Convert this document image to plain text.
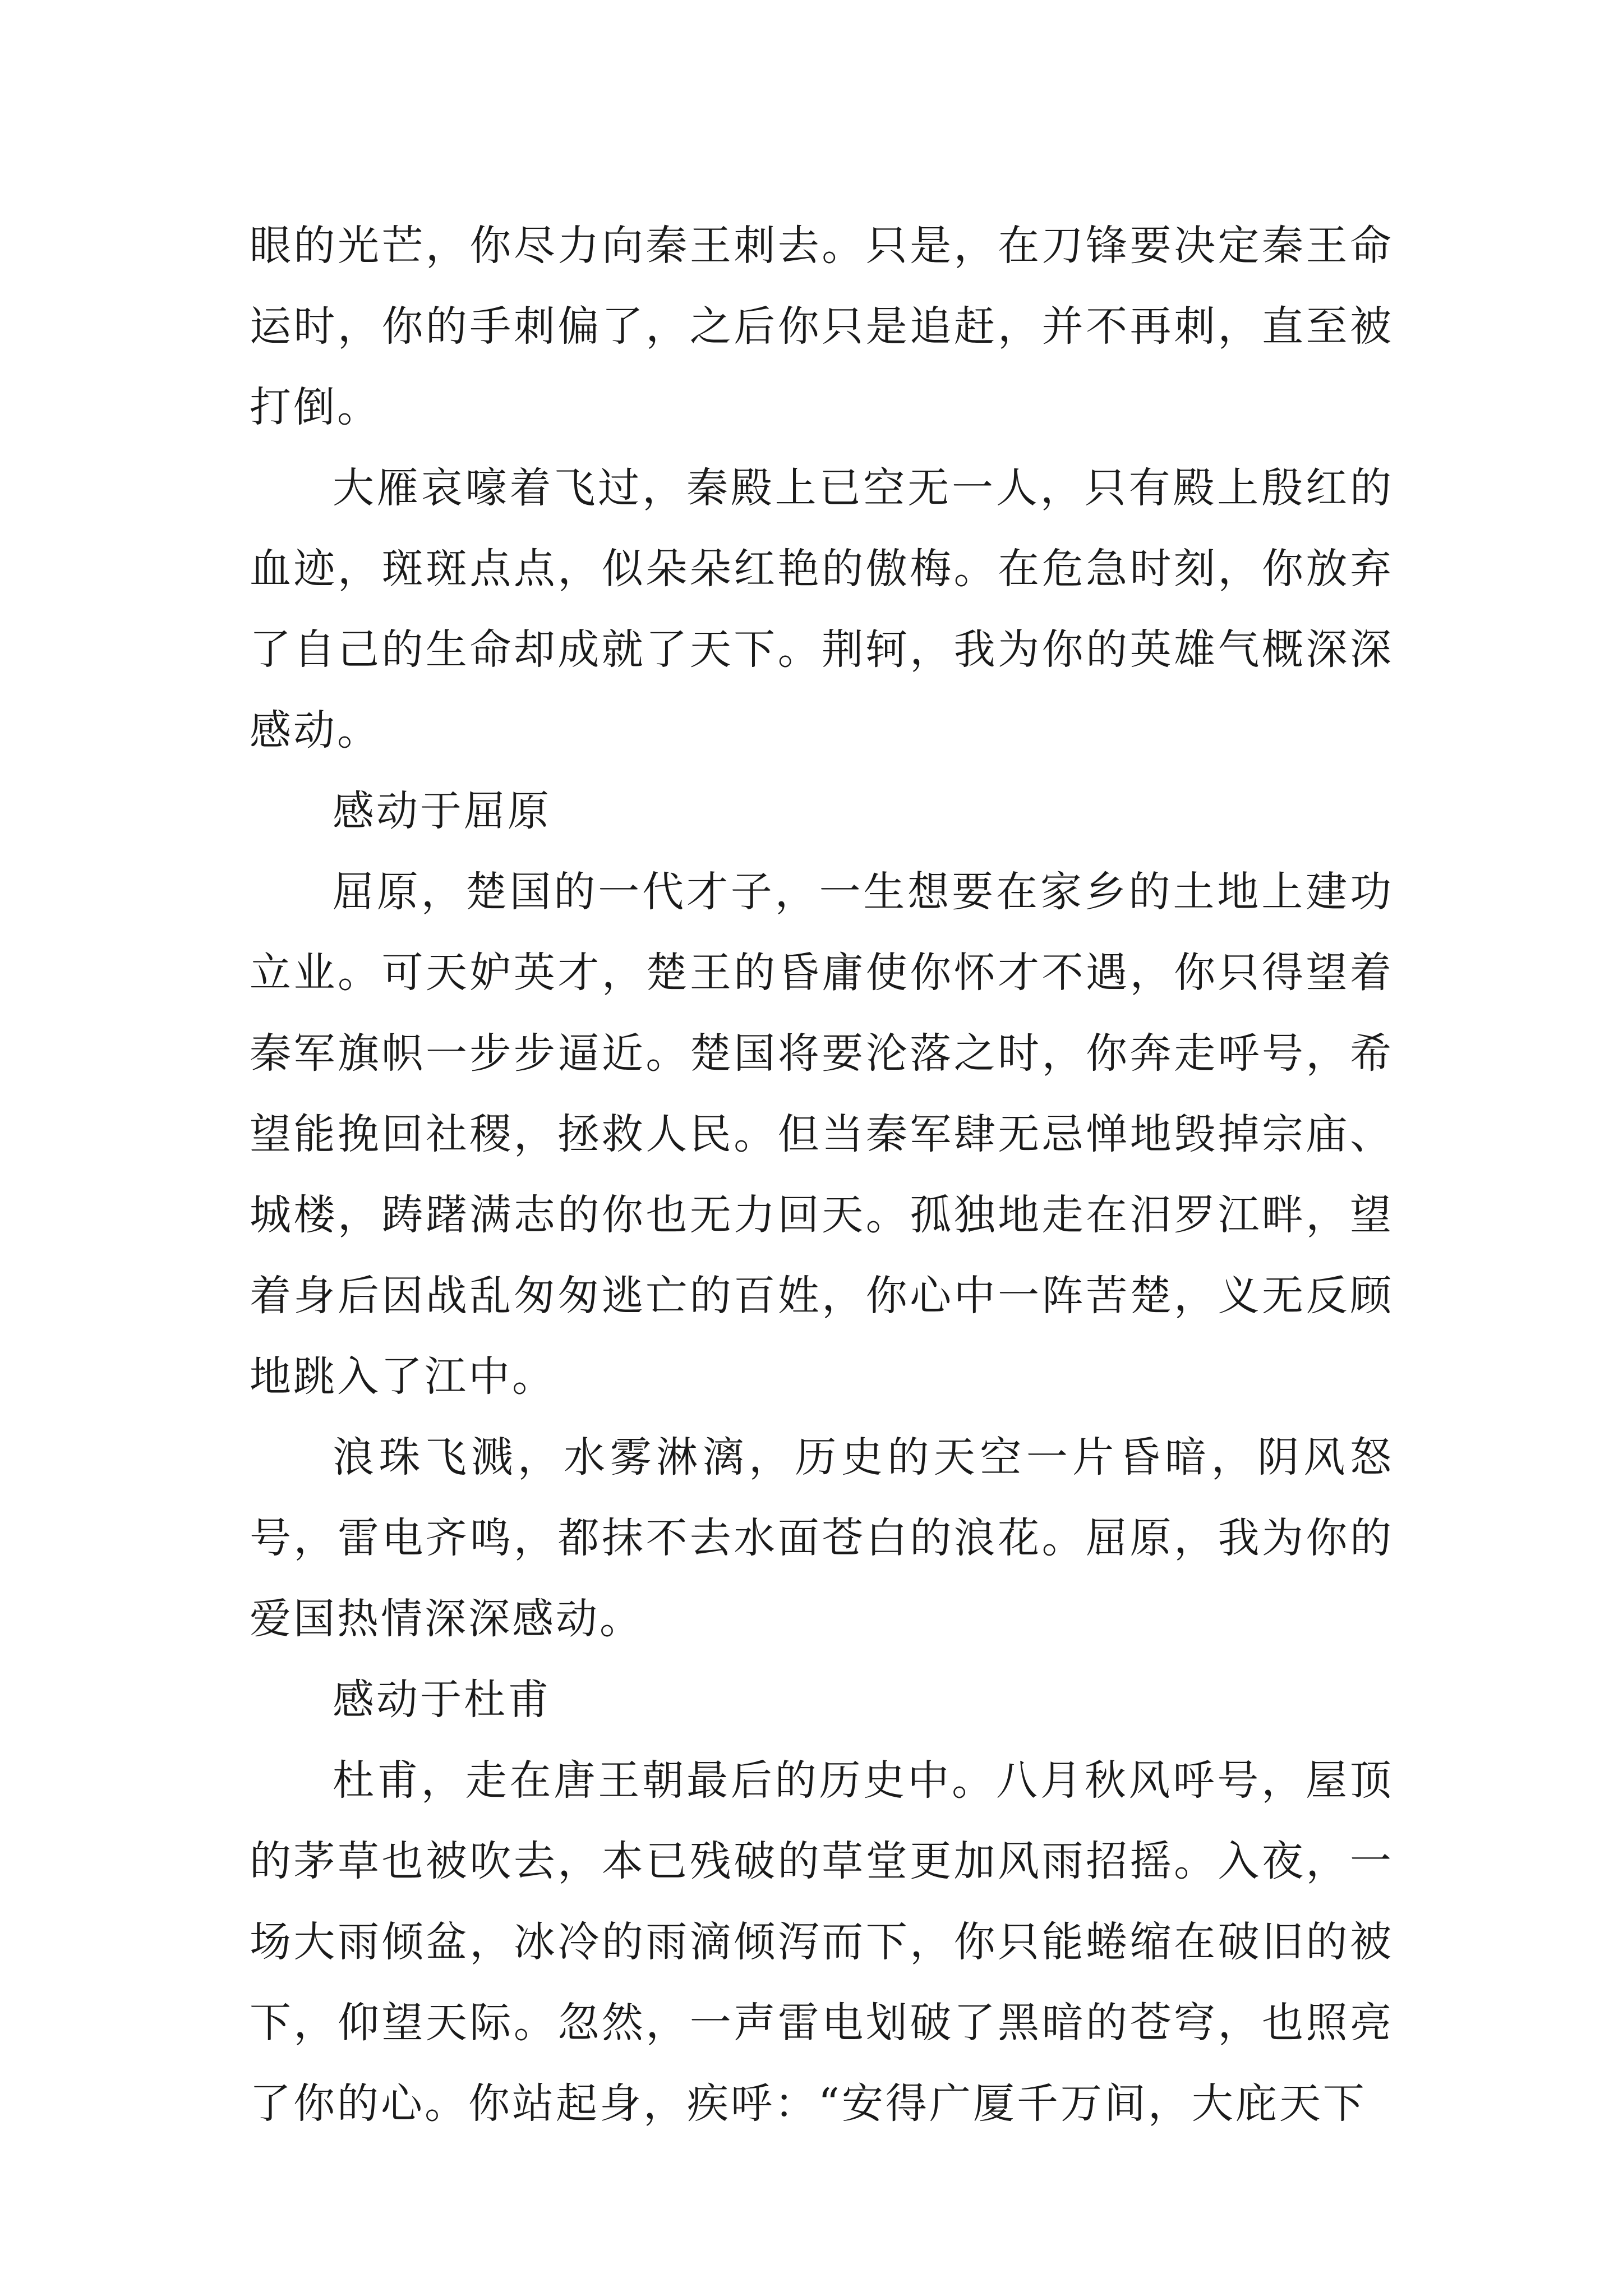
眼的光芒，你尽力向秦王刺去。只是，在刀锋要决定秦王命运时，你的手刺偏了，之后你只是追赶，并不再刺，直至被打倒。

大雁哀嚎着飞过，秦殿上已空无一人，只有殿上殷红的血迹，斑斑点点，似朵朵红艳的傲梅。在危急时刻，你放弃了自己的生命却成就了天下。荆轲，我为你的英雄气概深深感动。

感动于屈原

屈原，楚国的一代才子，一生想要在家乡的土地上建功立业。可天妒英才，楚王的昏庸使你怀才不遇，你只得望着秦军旗帜一步步逼近。楚国将要沦落之时，你奔走呼号，希望能挽回社稷，拯救人民。但当秦军肆无忌惮地毁掉宗庙、城楼，踌躇满志的你也无力回天。孤独地走在汨罗江畔，望着身后因战乱匆匆逃亡的百姓，你心中一阵苦楚，义无反顾地跳入了江中。

浪珠飞溅，水雾淋漓，历史的天空一片昏暗，阴风怒号，雷电齐鸣，都抹不去水面苍白的浪花。屈原，我为你的爱国热情深深感动。

感动于杜甫

杜甫，走在唐王朝最后的历史中。八月秋风呼号，屋顶的茅草也被吹去，本已残破的草堂更加风雨招摇。入夜，一场大雨倾盆，冰冷的雨滴倾泻而下，你只能蜷缩在破旧的被下，仰望天际。忽然，一声雷电划破了黑暗的苍穹，也照亮了你的心。你站起身，疾呼：“安得广厦千万间，大庇天下
